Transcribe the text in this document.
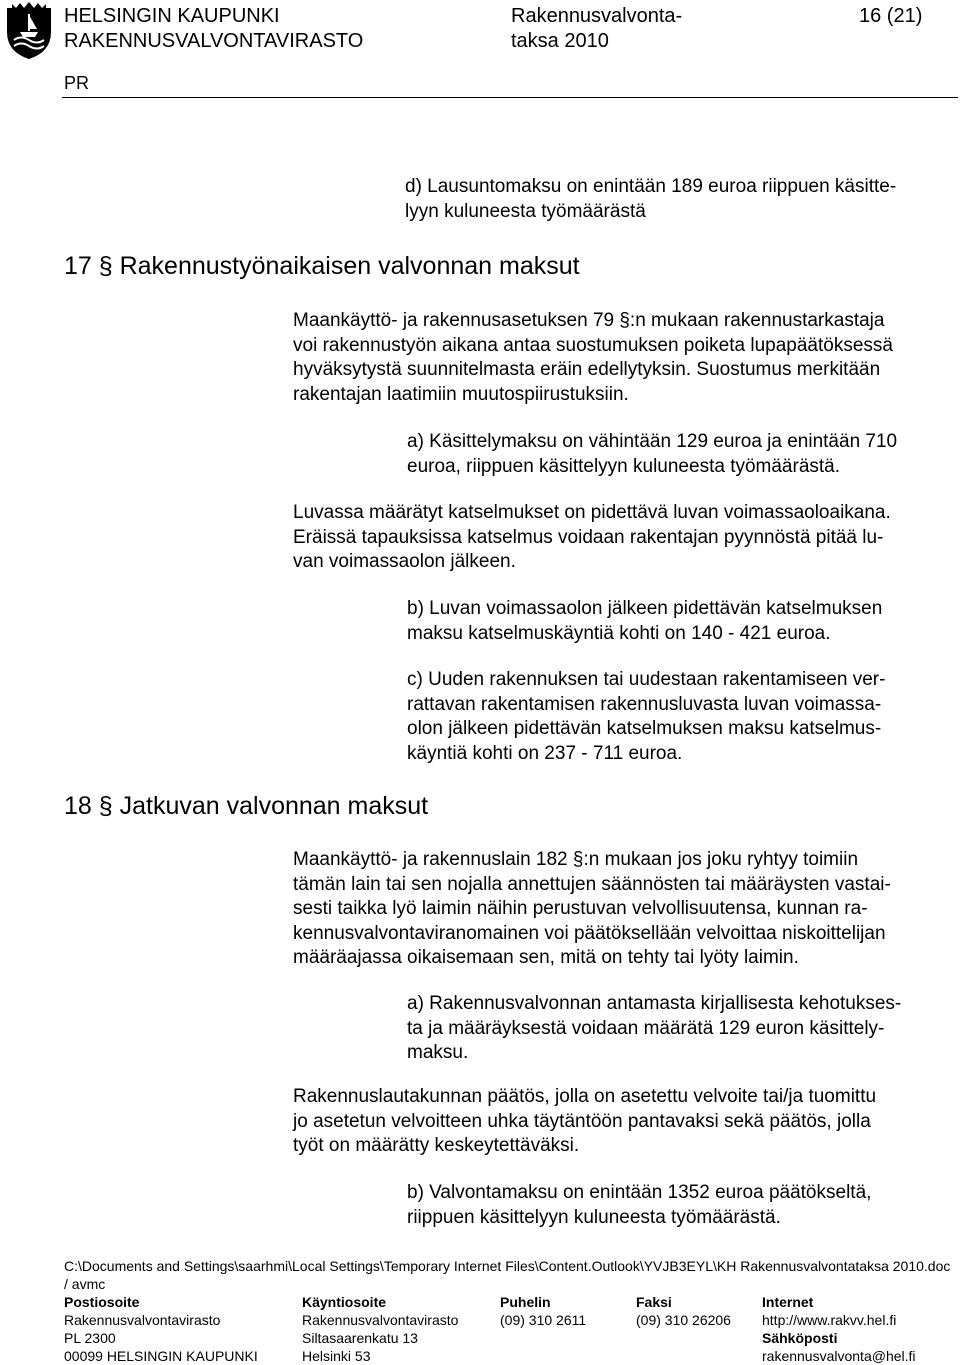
HELSINGIN KAUPUNKI
RAKENNUSVALVONTAVIRASTO
Rakennusvalvonta-
taksa 2010
16 (21)
PR
d) Lausuntomaksu on enintään 189 euroa riippuen käsitte-
lyyn kuluneesta työmäärästä
17 § Rakennustyönaikaisen valvonnan maksut
Maankäyttö- ja rakennusasetuksen 79 §:n mukaan rakennustarkastaja
voi rakennustyön aikana antaa suostumuksen poiketa lupapäätöksessä
hyväksytystä suunnitelmasta eräin edellytyksin. Suostumus merkitään
rakentajan laatimiin muutospiirustuksiin.
a) Käsittelymaksu on vähintään 129 euroa ja enintään 710
euroa, riippuen käsittelyyn kuluneesta työmäärästä.
Luvassa määrätyt katselmukset on pidettävä luvan voimassaoloaikana.
Eräissä tapauksissa katselmus voidaan rakentajan pyynnöstä pitää lu-
van voimassaolon jälkeen.
b) Luvan voimassaolon jälkeen pidettävän katselmuksen
maksu katselmuskäyntiä kohti on 140 - 421 euroa.
c) Uuden rakennuksen tai uudestaan rakentamiseen ver-
rattavan rakentamisen rakennusluvasta luvan voimassa-
olon jälkeen pidettävän katselmuksen maksu katselmus-
käyntiä kohti on 237 - 711 euroa.
18 § Jatkuvan valvonnan maksut
Maankäyttö- ja rakennuslain 182 §:n mukaan jos joku ryhtyy toimiin
tämän lain tai sen nojalla annettujen säännösten tai määräysten vastai-
sesti taikka lyö laimin näihin perustuvan velvollisuutensa, kunnan ra-
kennusvalvontaviranomainen voi päätöksellään velvoittaa niskoittelijan
määräajassa oikaisemaan sen, mitä on tehty tai lyöty laimin.
a) Rakennusvalvonnan antamasta kirjallisesta kehotukses-
ta ja määräyksestä voidaan määrätä 129 euron käsittely-
maksu.
Rakennuslautakunnan päätös, jolla on asetettu velvoite tai/ja tuomittu
jo asetetun velvoitteen uhka täytäntöön pantavaksi sekä päätös, jolla
työt on määrätty keskeytettäväksi.
b) Valvontamaksu on enintään 1352 euroa päätökseltä,
riippuen käsittelyyn kuluneesta työmäärästä.
C:\Documents and Settings\saarhmi\Local Settings\Temporary Internet Files\Content.Outlook\YVJB3EYL\KH Rakennusvalvontataksa 2010.doc
/ avmc
Postiosoite
Rakennusvalvontavirasto
PL 2300
00099 HELSINGIN KAUPUNKI
Käyntiosoite
Rakennusvalvontavirasto
Siltasaarenkatu 13
Helsinki 53
Puhelin
(09) 310 2611
Faksi
(09) 310 26206
Internet
http://www.rakvv.hel.fi
Sähköposti
rakennusvalvonta@hel.fi
